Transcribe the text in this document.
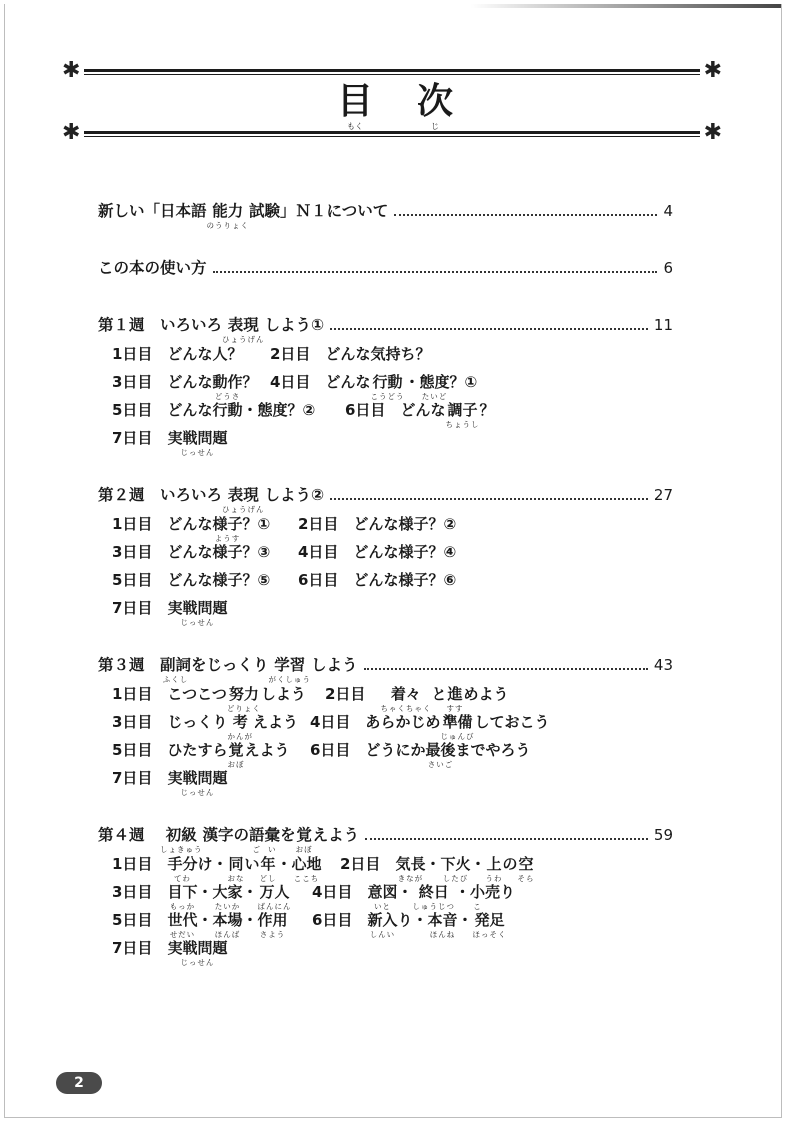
✱	✱
目
もく
次
じ
✱	✱
新しい「日本語 能力
のうりょく
試験」Ｎ１について	4
この本の使い方	6
第１週　いろいろ 表現
ひょうげん
しよう①	11
1日目　どんな人？ 2日目　どんな気持ち？
3日目　どんな 動作
どうさ
？ 4日目　どんな 行動
こうどう
・ 態度
たいど
？①
5日目　どんな行動・態度？② 6日目　どんな 調子
ちょうし
？
7日目　 実戦問題
じっせん
第２週　いろいろ 表現
ひょうげん
しよう②	27
1日目　どんな 様子
ようす
？① 2日目　どんな様子？②
3日目　どんな様子？③ 4日目　どんな様子？④
5日目　どんな様子？⑤ 6日目　どんな様子？⑥
7日目　 実戦問題
じっせん
第３週　 副詞
ふくし
をじっくり 学習
がくしゅう
しよう	43
1日目　こつこつ 努力
どりょく
しよう 2日目　 着々
ちゃくちゃく
と 進
すす
めよう
3日目　じっくり 考
かんが
えよう 4日目　あらかじめ 準備
じゅんび
しておこう
5日目　ひたすら 覚
おぼ
えよう 6日目　どうにか 最後
さいご
までやろう
7日目　 実戦問題
じっせん
第４週　 初級
しょきゅう
漢字の 語
ご
彙
い
を 覚
おぼ
えよう	59
1日目　 手分
てわ
け・ 同
おな
い 年
どし
・ 心地
ここち
2日目　 気長
きなが
・ 下火
したび
・ 上
うわ
の 空
そら
3日目　 目下
もっか
・ 大家
たいか
・ 万人
ばんにん
4日目　 意図
いと
・ 終日
しゅうじつ
・ 小
こ
売り
5日目　 世代
せだい
・ 本場
ほんば
・ 作用
さよう
6日目　 新入
しんい
り・ 本音
ほんね
・ 発足
ほっそく
7日目　 実戦問題
じっせん
2
